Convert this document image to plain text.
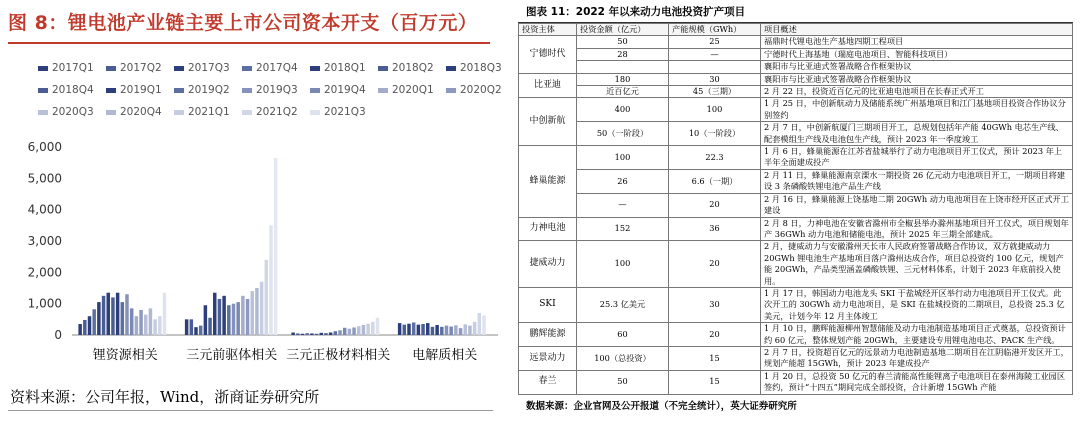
图 8：锂电池产业链主要上市公司资本开支（百万元）
2017Q1	2017Q2	2017Q3	2017Q4	2018Q1	2018Q2	2018Q3
2018Q4	2019Q1	2019Q2	2019Q3	2019Q4	2020Q1	2020Q2
2020Q3	2020Q4	2021Q1	2021Q2	2021Q3
0
1,000
2,000
3,000
4,000
5,000
6,000
锂资源相关 三元前驱体相关 三元正极材料相关 电解质相关
资料来源：公司年报，Wind，浙商证券研究所
图表 11：2022 年以来动力电池投资扩产项目
投资主体	投资金额（亿元）	产能规模（GWh）	项目概述
宁德时代	50	25	福鼎时代锂电池生产基地四期工程项目
	28	—	宁德时代上海基地（瑞庭电池项目、智能科技项目）
			襄阳市与比亚迪式签署战略合作框架协议
比亚迪	180	30	襄阳市与比亚迪式签署战略合作框架协议
	近百亿元	45（三期）	2 月 22 日，投资近百亿元的比亚迪电池项目在长春正式开工
中创新航	400	100	1 月 25 日，中创新航动力及储能系统广州基地项目和江门基地项目投资合作协议分别签约
	50（一阶段）	10（一阶段）	2 月 7 日，中创新航厦门三期项目开工，总规划包括年产能 40GWh 电芯生产线、配套模组生产线及电池包生产线，预计 2023 年一季度竣工
蜂巢能源	100	22.3	1 月 6 日，蜂巢能源在江苏省盐城举行了动力电池项目开工仪式，预计 2023 年上半年全面建成投产
	26	6.6（一期）	2 月 11 日，蜂巢能源南京溧水一期投资 26 亿元动力电池项目开工，一期项目将建设 3 条磷酸铁锂电池产品生产线
	—	20	2 月 16 日，蜂巢能源上饶基地二期 20GWh 动力电池项目在上饶市经开区正式开工建设
力神电池	152	36	2 月 8 日，力神电池在安徽省滁州市全椒县举办滁州基地项目开工仪式，项目规划年产 36GWh 动力电池和储能电池，预计 2025 年三期全部建成。
捷威动力	100	20	2 月，捷威动力与安徽滁州天长市人民政府签署战略合作协议，双方就捷威动力 20GWh 锂电池生产基地项目落户滁州达成合作，项目总投资约 100 亿元，规划产能 20GWh，产品类型涵盖磷酸铁锂、三元材料体系，计划于 2023 年底前投入使用。
SKI	25.3 亿美元	30	1 月 17 日，韩国动力电池龙头 SKI 于盐城经开区举行动力电池项目开工仪式。此次开工的 30GWh 动力电池项目，是 SKI 在盐城投资的二期项目，总投资 25.3 亿美元，计划今年 12 月主体竣工
鹏辉能源	60	20	1 月 10 日，鹏辉能源柳州智慧储能及动力电池制造基地项目正式奠基，总投资预计约 60 亿元，整体规划产能 20GWh，主要建设专用锂电池电芯、PACK 生产线。
远景动力	100（总投资）	15	2 月 7 日，投资超百亿元的远景动力电池制造基地二期项目在江阴临港开发区开工，规划产能超 15GWh，预计 2023 年建成投产
春兰	50	15	1 月 20 日，总投资 50 亿元的春兰清能高性能锂离子电池项目在泰州海陵工业园区签约，预计“十四五”期间完成全部投资，合计新增 15GWh 产能
数据来源：企业官网及公开报道（不完全统计），英大证券研究所
